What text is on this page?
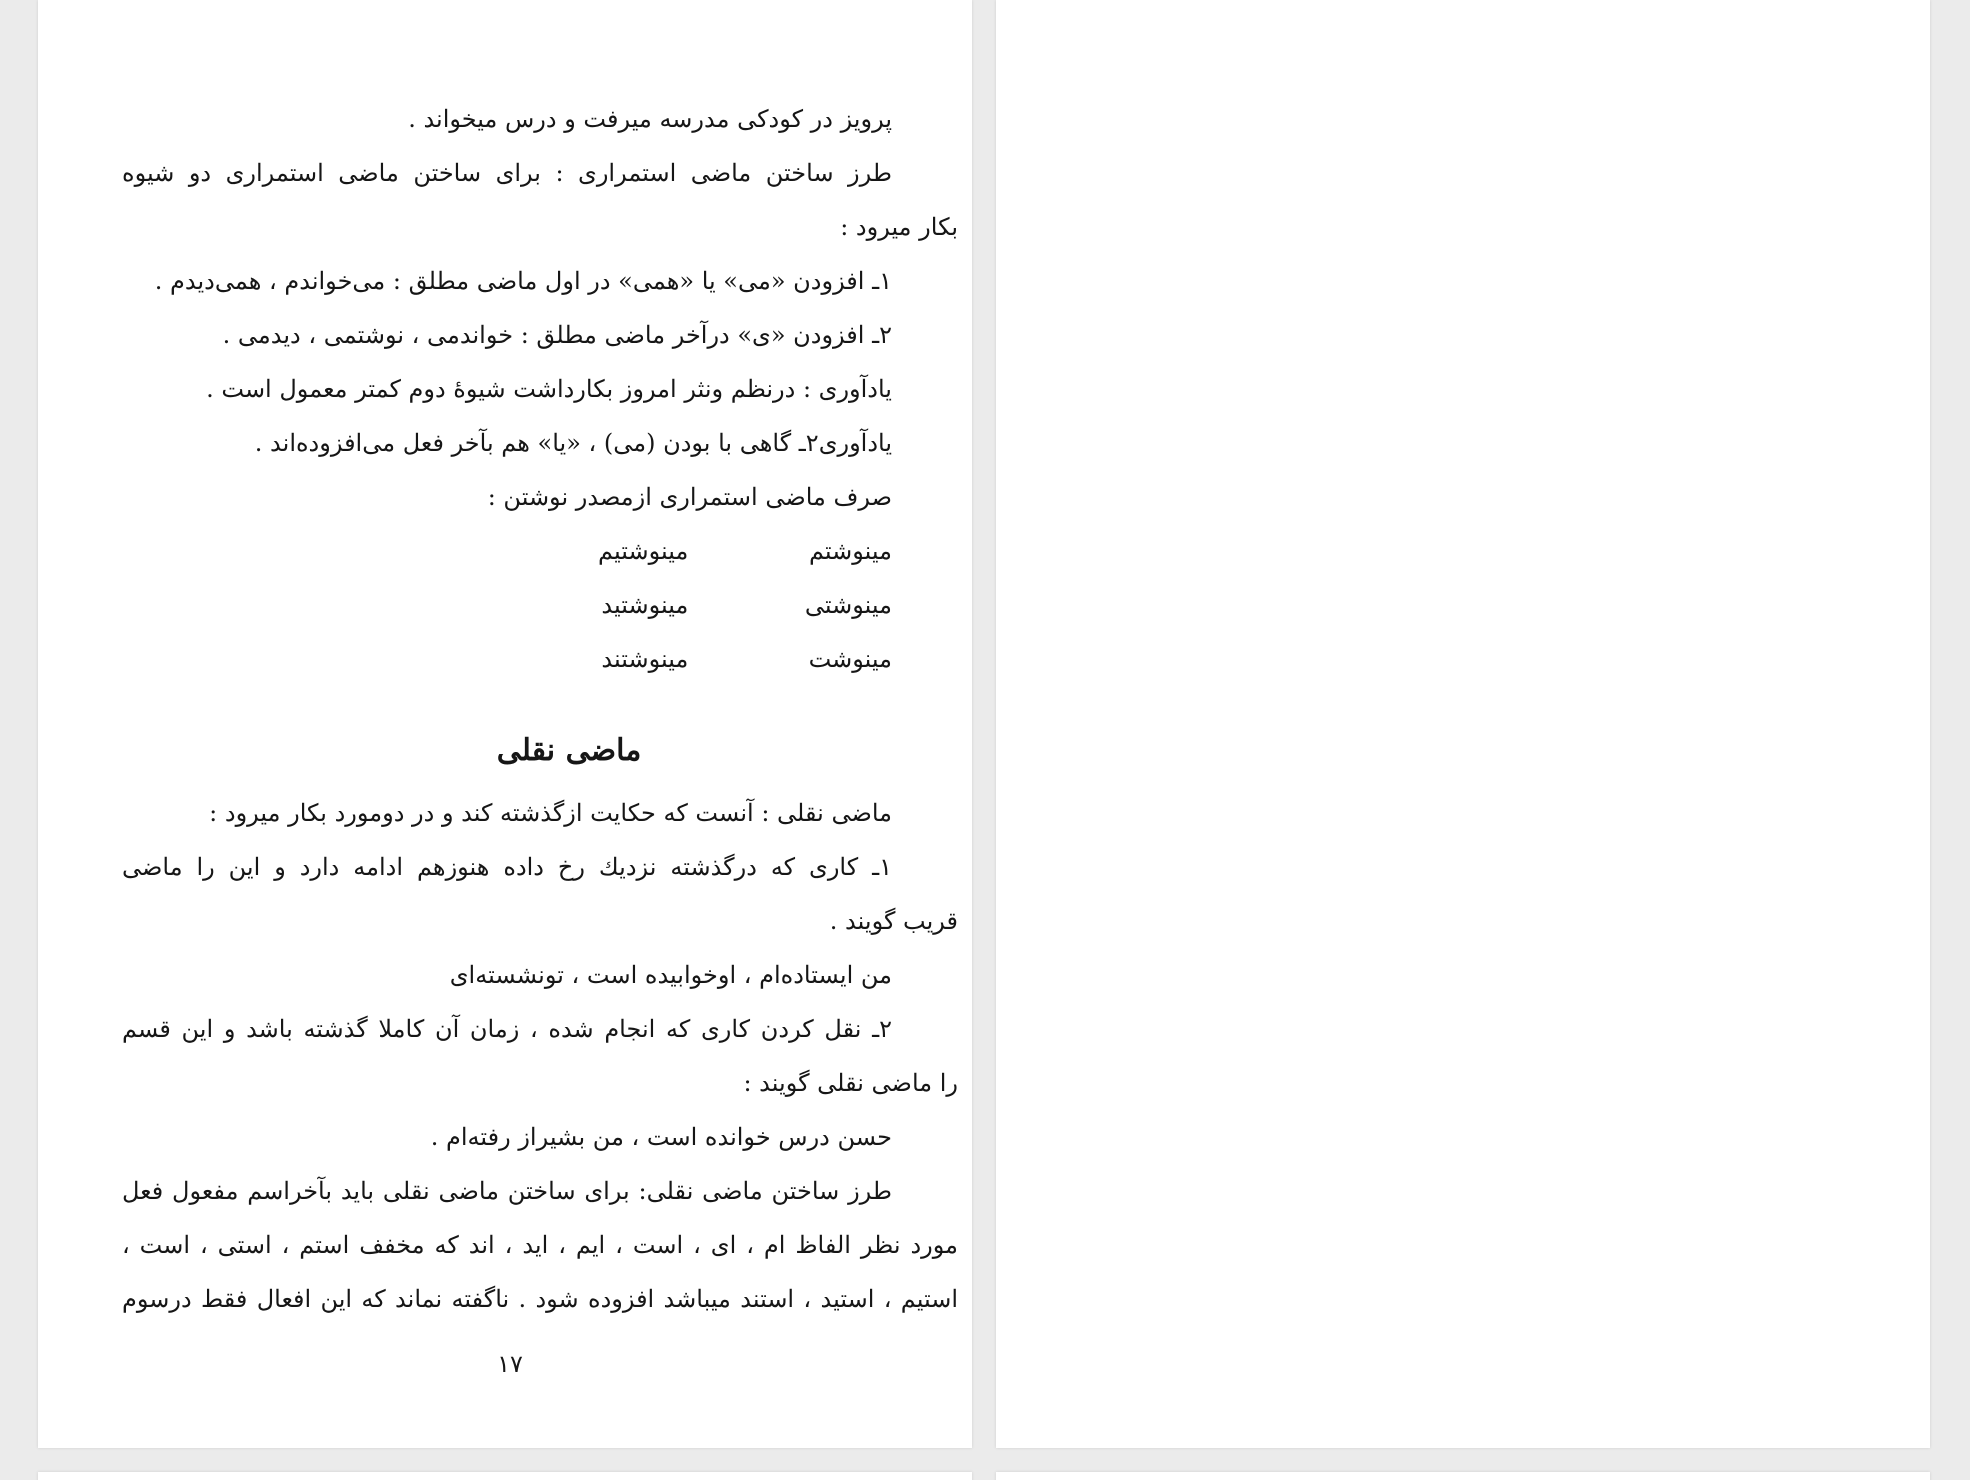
پرویز در کودکی مدرسه میرفت و درس میخواند .
طرز ساختن ماضی استمراری : برای ساختن ماضی استمراری دو شیوه
بکار میرود :
۱ـ افزودن «می» یا «همی» در اول ماضی مطلق : می‌خواندم ، همی‌دیدم .
۲ـ افزودن «ی» درآخر ماضی مطلق : خواندمی ، نوشتمی ، دیدمی .
یادآوری : درنظم ونثر امروز بکارداشت شیوهٔ دوم کمتر معمول است .
یادآوری۲ـ گاهی با بودن (می) ، «یا» هم بآخر فعل می‌افزوده‌اند .
صرف ماضی استمراری ازمصدر نوشتن :
مینوشتم مینوشتیم
مینوشتی مینوشتید
مینوشت مینوشتند
ماضی نقلی
ماضی نقلی : آنست که حکایت ازگذشته کند و در دومورد بکار میرود :
۱ـ کاری که درگذشته نزدیك رخ داده هنوزهم ادامه دارد و این را ماضی
قریب گویند .
من ایستاده‌ام ، اوخوابیده است ، تونشسته‌ای
۲ـ نقل کردن کاری که انجام شده ، زمان آن کاملا گذشته باشد و این قسم
را ماضی نقلی گویند :
حسن درس خوانده است ، من بشیراز رفته‌ام .
طرز ساختن ماضی نقلی: برای ساختن ماضی نقلی باید بآخراسم مفعول فعل
مورد نظر الفاظ ام ، ای ، است ، ایم ، اید ، اند که مخفف استم ، استی ، است ،
استیم ، استید ، استند میباشد افزوده شود . ناگفته نماند که این افعال فقط درسوم
۱۷
